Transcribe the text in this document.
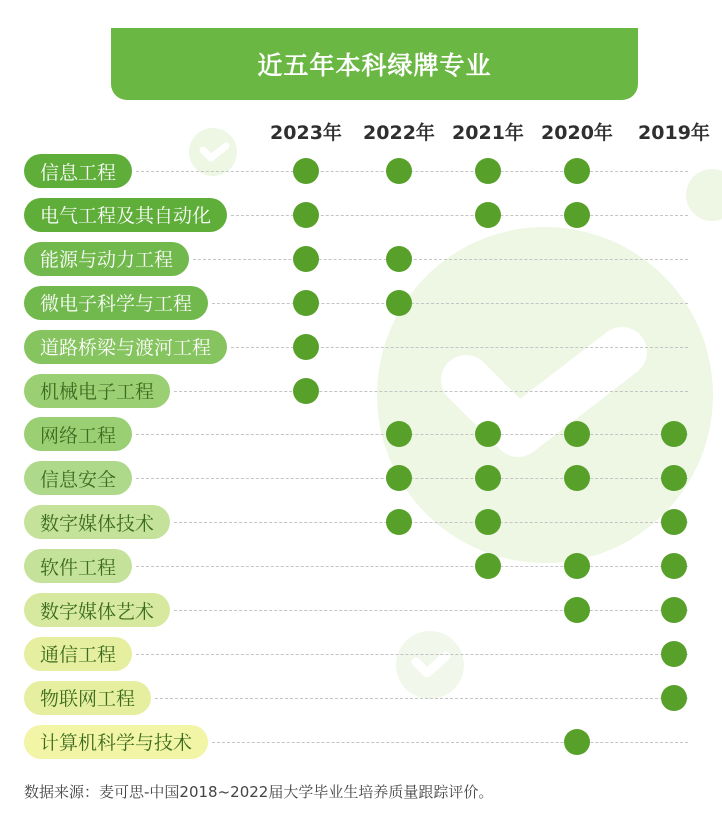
近五年本科绿牌专业
2023年	2022年 2021年 2020年	2019年
信息工程
电气工程及其自动化
能源与动力工程
微电子科学与工程
道路桥梁与渡河工程
机械电子工程
网络工程
信息安全
数字媒体技术
软件工程
数字媒体艺术
通信工程
物联网工程
计算机科学与技术
数据来源：麦可思-中国2018~2022届大学毕业生培养质量跟踪评价。
